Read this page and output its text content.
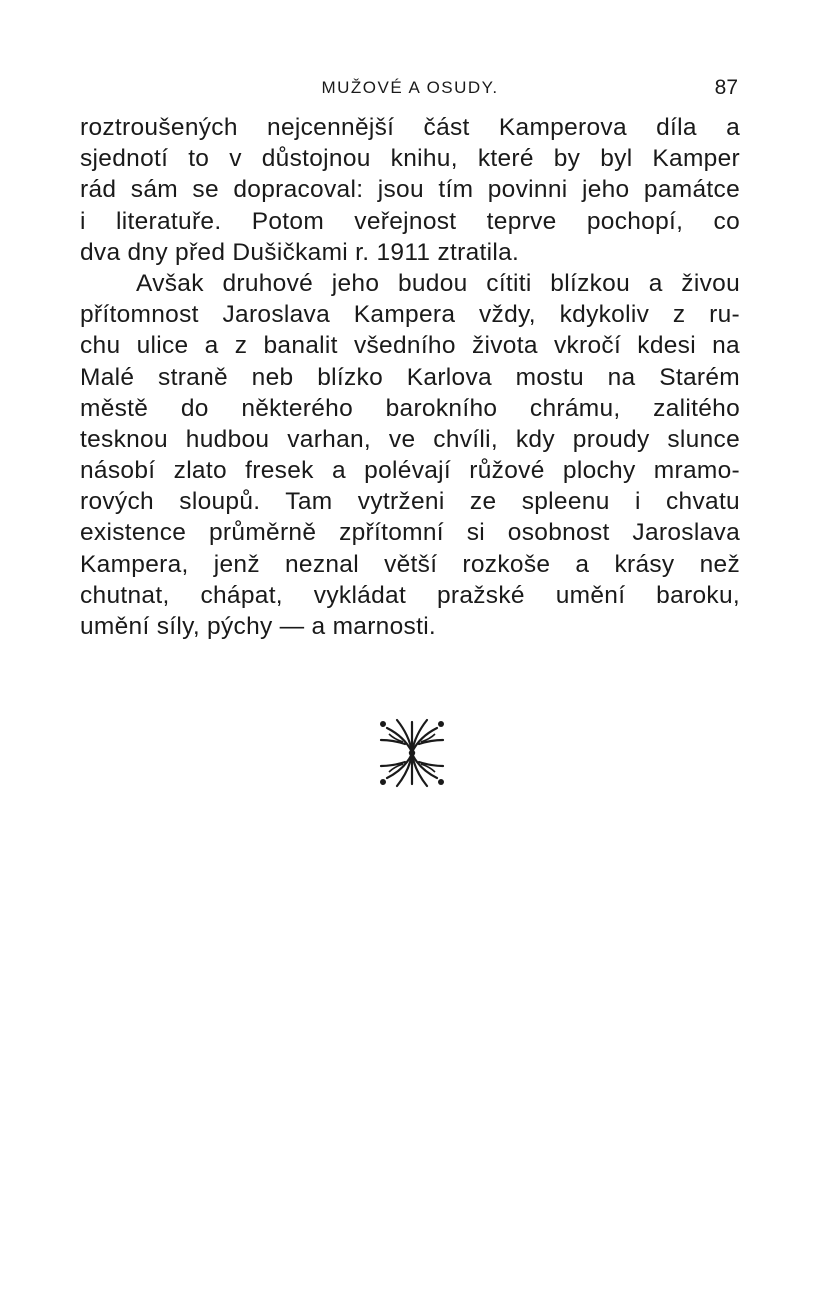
MUŽOVÉ A OSUDY.	87
roztroušených nejcennější část Kamperova díla a
sjednotí to v důstojnou knihu, které by byl Kamper
rád sám se dopracoval: jsou tím povinni jeho památce
i literatuře. Potom veřejnost teprve pochopí, co
dva dny před Dušičkami r. 1911 ztratila.
Avšak druhové jeho budou cítiti blízkou a živou
přítomnost Jaroslava Kampera vždy, kdykoliv z ru-
chu ulice a z banalit všedního života vkročí kdesi na
Malé straně neb blízko Karlova mostu na Starém
městě do některého barokního chrámu, zalitého
tesknou hudbou varhan, ve chvíli, kdy proudy slunce
násobí zlato fresek a polévají růžové plochy mramo-
rových sloupů. Tam vytrženi ze spleenu i chvatu
existence průměrně zpřítomní si osobnost Jaroslava
Kampera, jenž neznal větší rozkoše a krásy než
chutnat, chápat, vykládat pražské umění baroku,
umění síly, pýchy — a marnosti.
